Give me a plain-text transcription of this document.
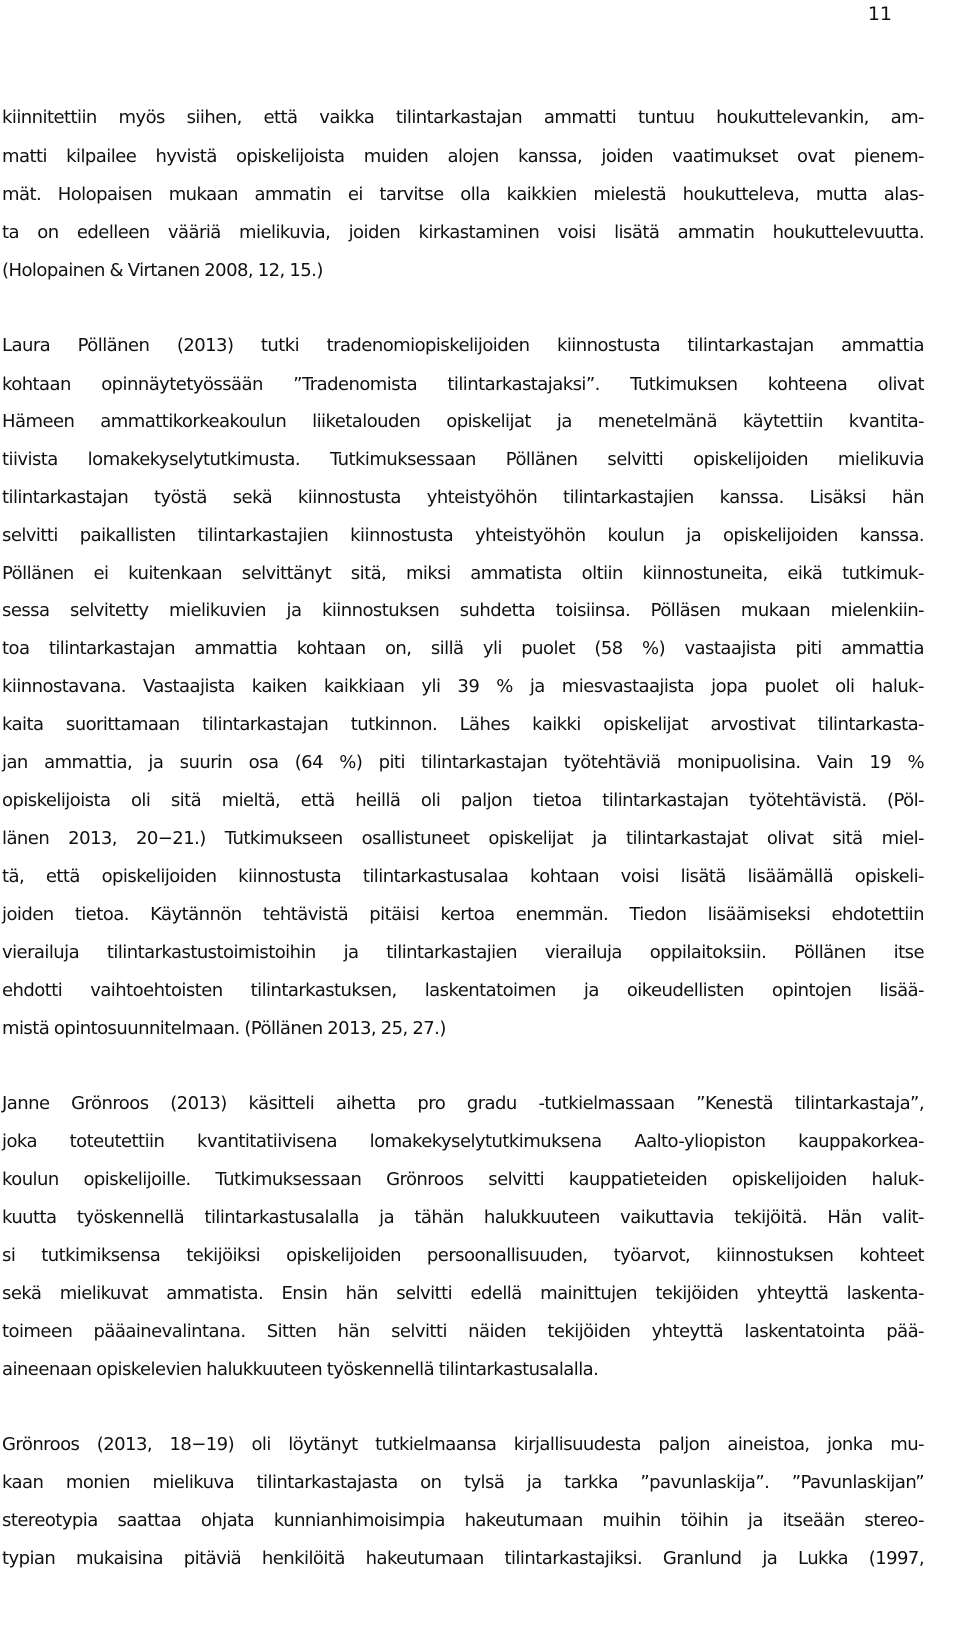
11
kiinnitettiin myös siihen, että vaikka tilintarkastajan ammatti tuntuu houkuttelevankin, am-
matti kilpailee hyvistä opiskelijoista muiden alojen kanssa, joiden vaatimukset ovat pienem-
mät. Holopaisen mukaan ammatin ei tarvitse olla kaikkien mielestä houkutteleva, mutta alas-
ta on edelleen vääriä mielikuvia, joiden kirkastaminen voisi lisätä ammatin houkuttelevuutta.
(Holopainen & Virtanen 2008, 12, 15.)
Laura Pöllänen (2013) tutki tradenomiopiskelijoiden kiinnostusta tilintarkastajan ammattia
kohtaan opinnäytetyössään ”Tradenomista tilintarkastajaksi”. Tutkimuksen kohteena olivat
Hämeen ammattikorkeakoulun liiketalouden opiskelijat ja menetelmänä käytettiin kvantita-
tiivista lomakekyselytutkimusta. Tutkimuksessaan Pöllänen selvitti opiskelijoiden mielikuvia
tilintarkastajan työstä sekä kiinnostusta yhteistyöhön tilintarkastajien kanssa. Lisäksi hän
selvitti paikallisten tilintarkastajien kiinnostusta yhteistyöhön koulun ja opiskelijoiden kanssa.
Pöllänen ei kuitenkaan selvittänyt sitä, miksi ammatista oltiin kiinnostuneita, eikä tutkimuk-
sessa selvitetty mielikuvien ja kiinnostuksen suhdetta toisiinsa. Pölläsen mukaan mielenkiin-
toa tilintarkastajan ammattia kohtaan on, sillä yli puolet (58 %) vastaajista piti ammattia
kiinnostavana. Vastaajista kaiken kaikkiaan yli 39 % ja miesvastaajista jopa puolet oli haluk-
kaita suorittamaan tilintarkastajan tutkinnon. Lähes kaikki opiskelijat arvostivat tilintarkasta-
jan ammattia, ja suurin osa (64 %) piti tilintarkastajan työtehtäviä monipuolisina. Vain 19 %
opiskelijoista oli sitä mieltä, että heillä oli paljon tietoa tilintarkastajan työtehtävistä. (Pöl-
länen 2013, 20−21.) Tutkimukseen osallistuneet opiskelijat ja tilintarkastajat olivat sitä miel-
tä, että opiskelijoiden kiinnostusta tilintarkastusalaa kohtaan voisi lisätä lisäämällä opiskeli-
joiden tietoa. Käytännön tehtävistä pitäisi kertoa enemmän. Tiedon lisäämiseksi ehdotettiin
vierailuja tilintarkastustoimistoihin ja tilintarkastajien vierailuja oppilaitoksiin. Pöllänen itse
ehdotti vaihtoehtoisten tilintarkastuksen, laskentatoimen ja oikeudellisten opintojen lisää-
mistä opintosuunnitelmaan. (Pöllänen 2013, 25, 27.)
Janne Grönroos (2013) käsitteli aihetta pro gradu -tutkielmassaan ”Kenestä tilintarkastaja”,
joka toteutettiin kvantitatiivisena lomakekyselytutkimuksena Aalto-yliopiston kauppakorkea-
koulun opiskelijoille. Tutkimuksessaan Grönroos selvitti kauppatieteiden opiskelijoiden haluk-
kuutta työskennellä tilintarkastusalalla ja tähän halukkuuteen vaikuttavia tekijöitä. Hän valit-
si tutkimiksensa tekijöiksi opiskelijoiden persoonallisuuden, työarvot, kiinnostuksen kohteet
sekä mielikuvat ammatista. Ensin hän selvitti edellä mainittujen tekijöiden yhteyttä laskenta-
toimeen pääainevalintana. Sitten hän selvitti näiden tekijöiden yhteyttä laskentatointa pää-
aineenaan opiskelevien halukkuuteen työskennellä tilintarkastusalalla.
Grönroos (2013, 18−19) oli löytänyt tutkielmaansa kirjallisuudesta paljon aineistoa, jonka mu-
kaan monien mielikuva tilintarkastajasta on tylsä ja tarkka ”pavunlaskija”. ”Pavunlaskijan”
stereotypia saattaa ohjata kunnianhimoisimpia hakeutumaan muihin töihin ja itseään stereo-
typian mukaisina pitäviä henkilöitä hakeutumaan tilintarkastajiksi. Granlund ja Lukka (1997,
